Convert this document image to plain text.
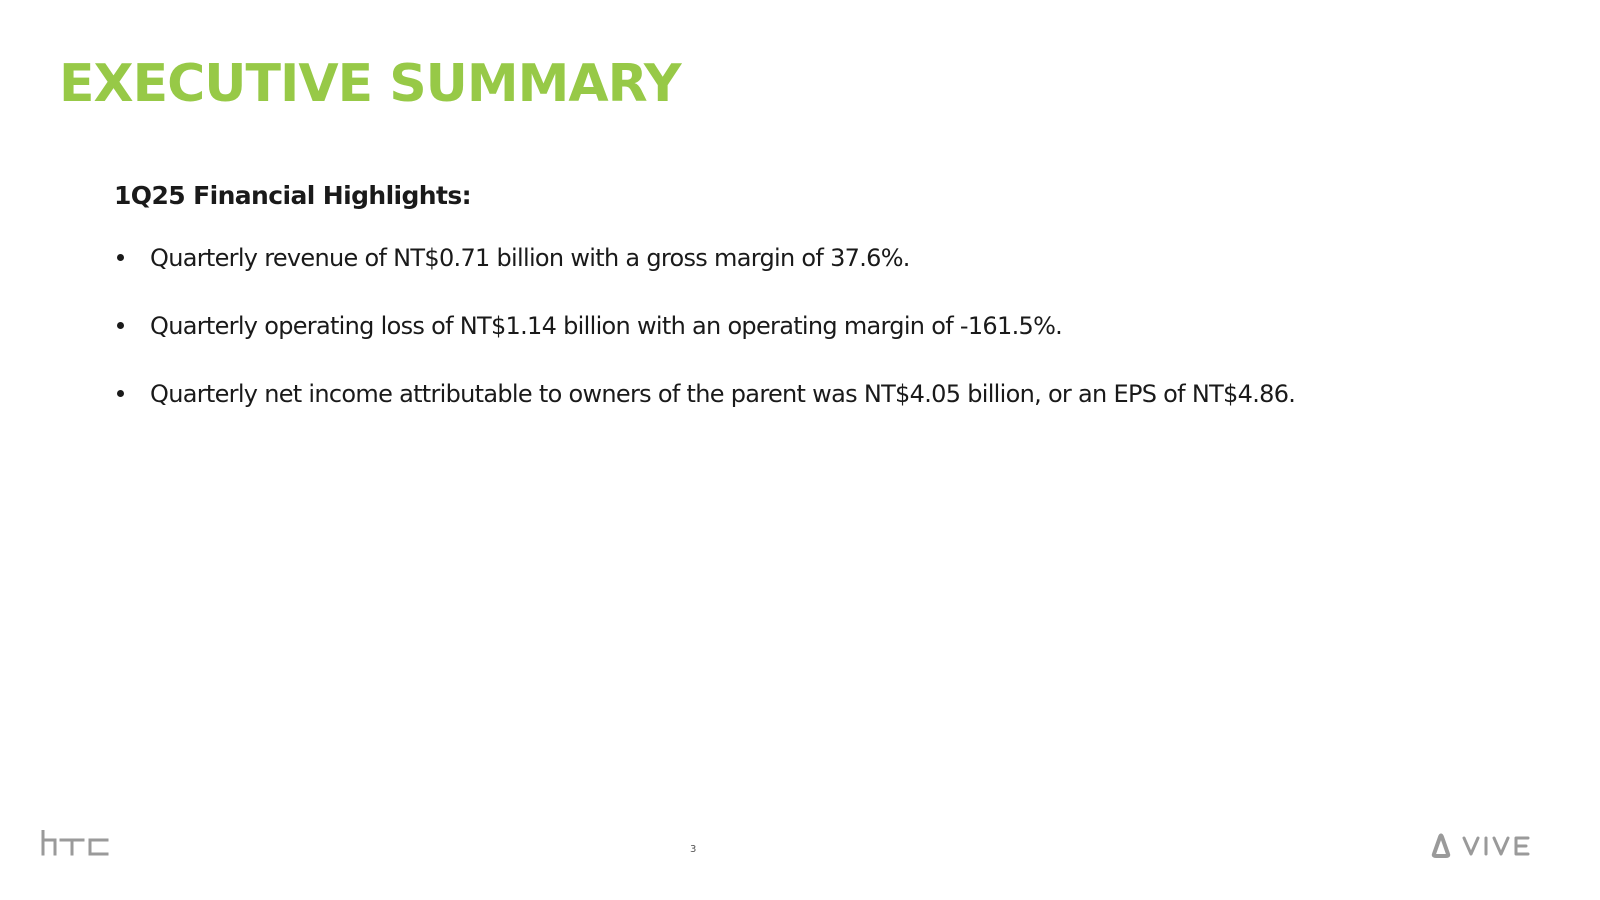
EXECUTIVE SUMMARY
1Q25 Financial Highlights:
Quarterly revenue of NT$0.71 billion with a gross margin of 37.6%.
Quarterly operating loss of NT$1.14 billion with an operating margin of -161.5%.
Quarterly net income attributable to owners of the parent was NT$4.05 billion, or an EPS of NT$4.86.
3
